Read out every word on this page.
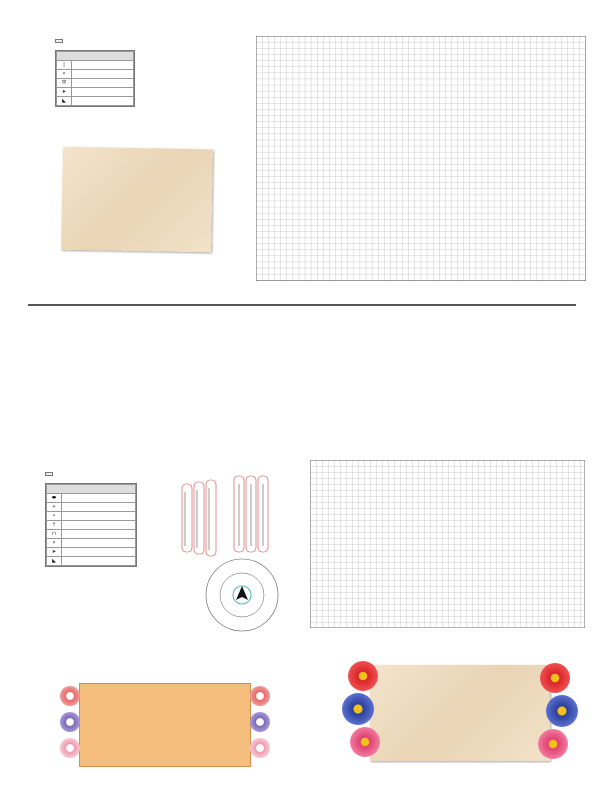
|	
×	
Ⴔ	
➤	
◣	

⬬	
+	
•	
†	
⊓	
×	
➤	
◣	
